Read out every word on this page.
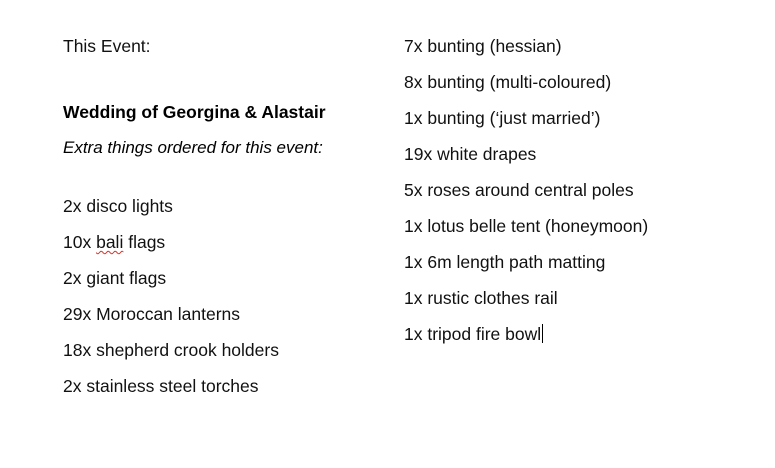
This Event:
Wedding of Georgina & Alastair
Extra things ordered for this event:
2x disco lights
10x bali flags
2x giant flags
29x Moroccan lanterns
18x shepherd crook holders
2x stainless steel torches
7x bunting (hessian)
8x bunting (multi-coloured)
1x bunting (‘just married’)
19x white drapes
5x roses around central poles
1x lotus belle tent (honeymoon)
1x 6m length path matting
1x rustic clothes rail
1x tripod fire bowl
